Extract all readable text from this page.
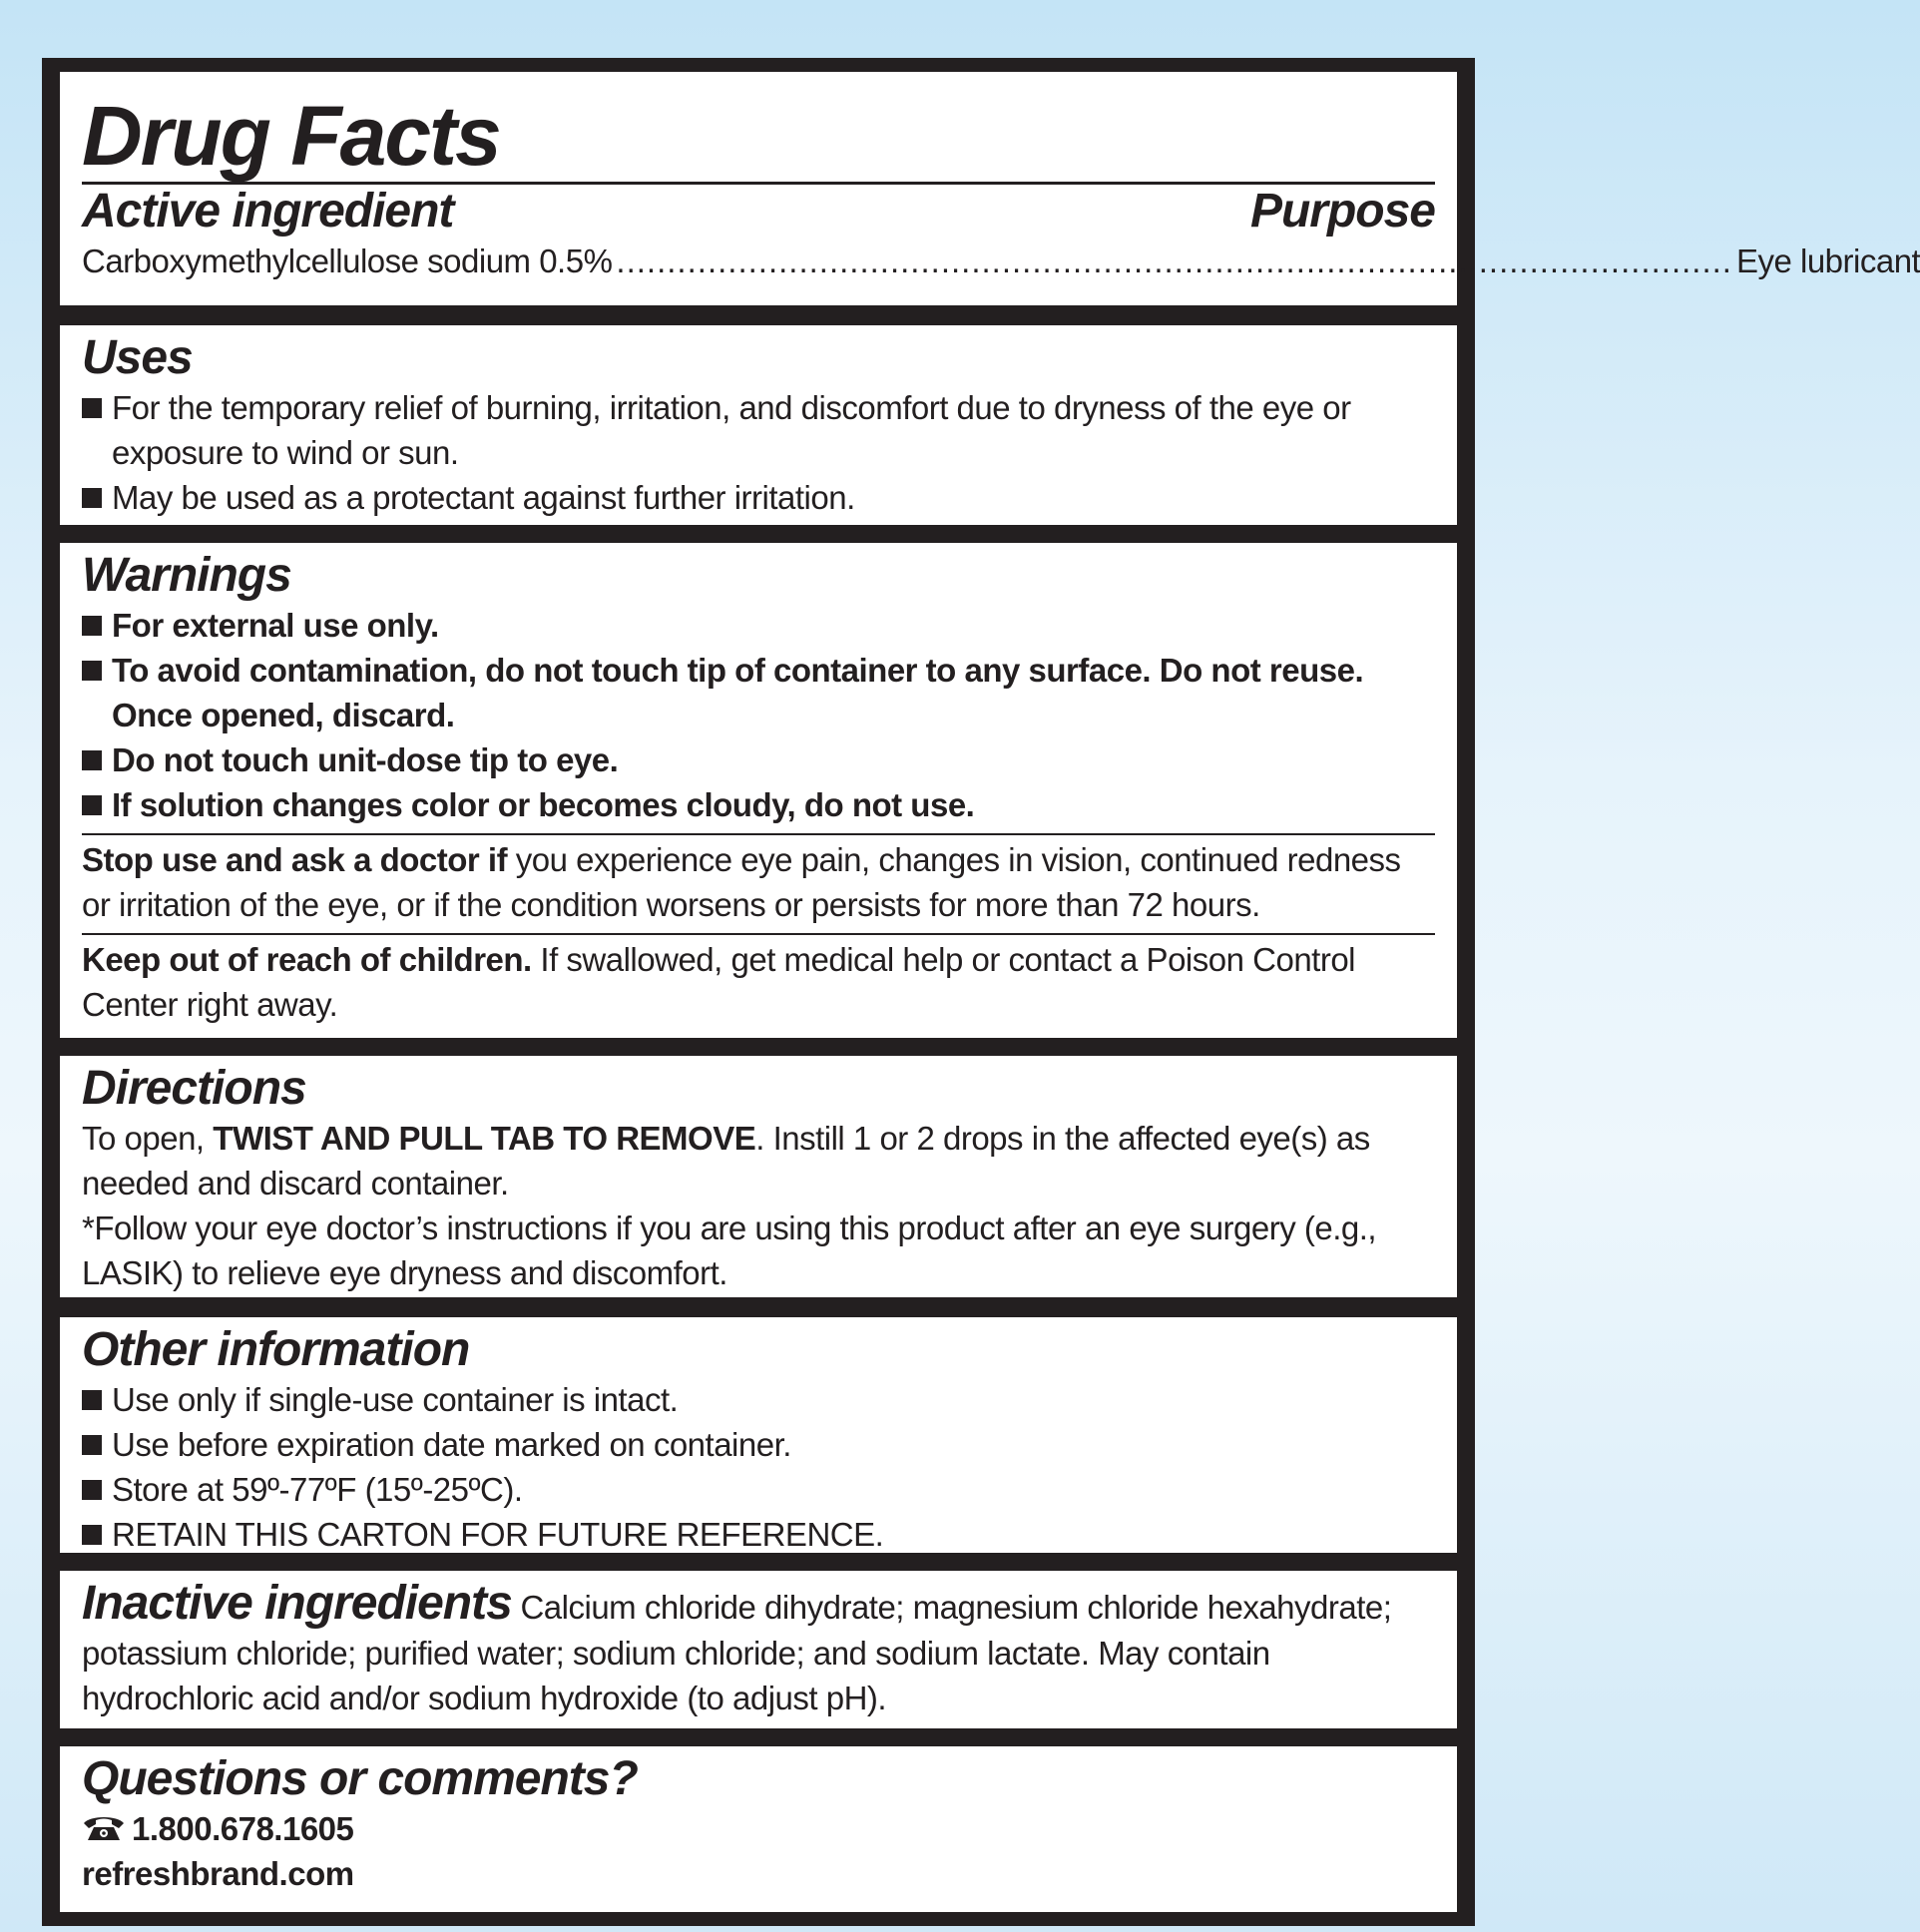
Drug Facts
Active ingredient	Purpose
Carboxymethylcellulose sodium 0.5% .............................................................................................................. Eye lubricant
Uses
For the temporary relief of burning, irritation, and discomfort due to dryness of the eye or exposure to wind or sun.
May be used as a protectant against further irritation.
Warnings
For external use only.
To avoid contamination, do not touch tip of container to any surface. Do not reuse. Once opened, discard.
Do not touch unit-dose tip to eye.
If solution changes color or becomes cloudy, do not use.
Stop use and ask a doctor if you experience eye pain, changes in vision, continued redness or irritation of the eye, or if the condition worsens or persists for more than 72 hours.
Keep out of reach of children. If swallowed, get medical help or contact a Poison Control Center right away.
Directions
To open, TWIST AND PULL TAB TO REMOVE. Instill 1 or 2 drops in the affected eye(s) as needed and discard container.
*Follow your eye doctor’s instructions if you are using this product after an eye surgery (e.g., LASIK) to relieve eye dryness and discomfort.
Other information
Use only if single-use container is intact.
Use before expiration date marked on container.
Store at 59º-77ºF (15º-25ºC).
RETAIN THIS CARTON FOR FUTURE REFERENCE.
Inactive ingredients Calcium chloride dihydrate; magnesium chloride hexahydrate; potassium chloride; purified water; sodium chloride; and sodium lactate. May contain hydrochloric acid and/or sodium hydroxide (to adjust pH).
Questions or comments?
1.800.678.1605
refreshbrand.com
